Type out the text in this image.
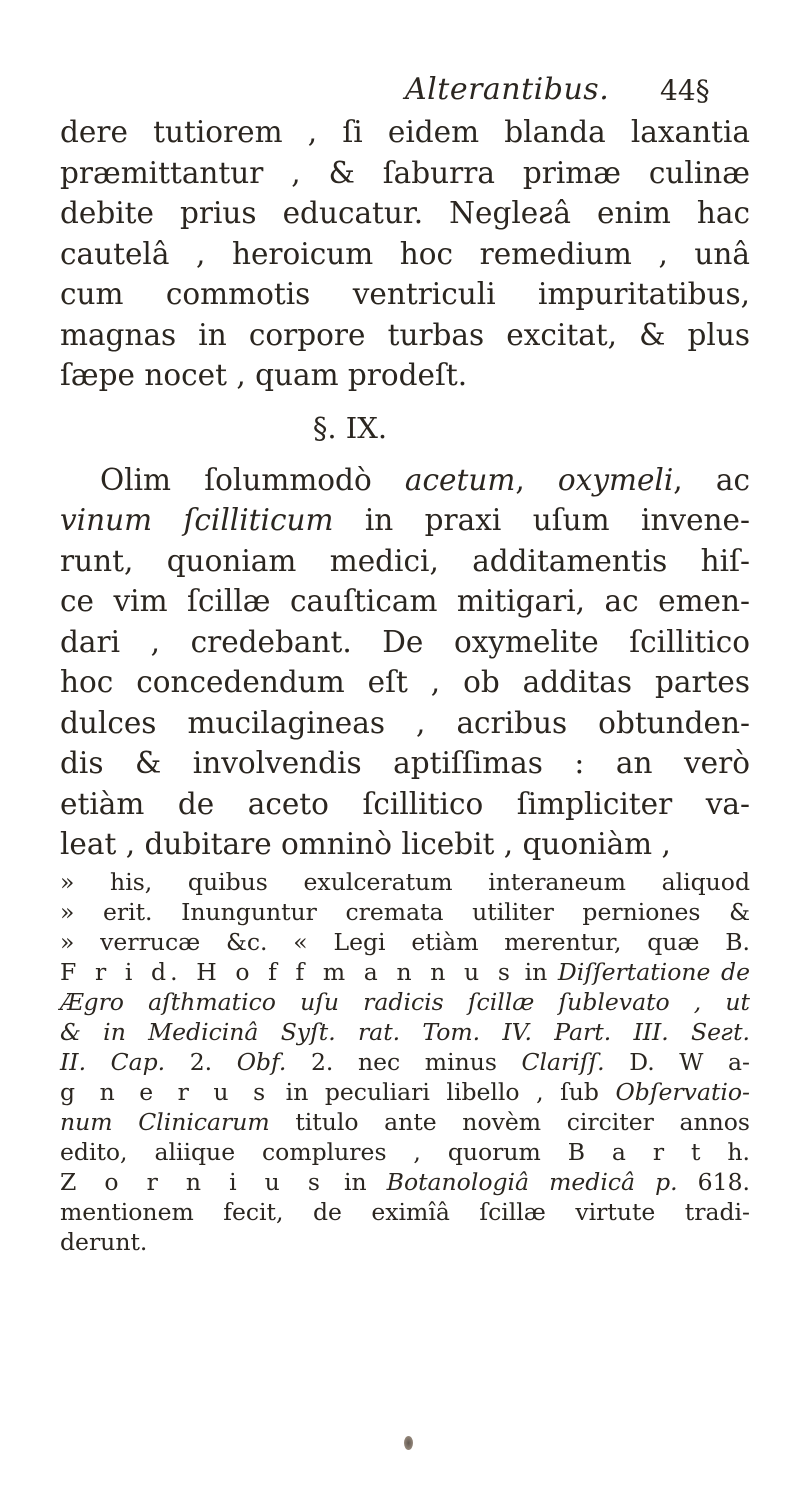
Alterantibus. 44§
dere tutiorem , ſi eidem blanda laxantia
præmittantur , & ſaburra primæ culinæ
debite prius educatur. Negleƨâ enim hac
cautelâ , heroicum hoc remedium , unâ
cum commotis ventriculi impuritatibus,
magnas in corpore turbas excitat, & plus
ſæpe nocet , quam prodeſt.
§. IX.
Olim ſolummodò acetum, oxymeli, ac
vinum ſcilliticum in praxi uſum invene-
runt, quoniam medici, additamentis hiſ-
ce vim ſcillæ cauſticam mitigari, ac emen-
dari , credebant. De oxymelite ſcillitico
hoc concedendum eſt , ob additas partes
dulces mucilagineas , acribus obtunden-
dis & involvendis aptiſſimas : an verò
etiàm de aceto ſcillitico ſimpliciter va-
leat , dubitare omninò licebit , quoniàm ,
» his, quibus exulceratum interaneum aliquod
» erit. Inunguntur cremata utiliter perniones &
» verrucæ &c. « Legi etiàm merentur, quæ B.
F r i d. H o f f m a n n u s in Diſſertatione de
Ægro aſthmatico uſu radicis ſcillæ ſublevato , ut
& in Medicinâ Syſt. rat. Tom. IV. Part. III. Seƨt.
II. Cap. 2. Obf. 2. nec minus Clariſſ. D. W a-
g n e r u s in peculiari libello , ſub Obſervatio-
num Clinicarum titulo ante novèm circiter annos
edito, aliique complures , quorum B a r t h.
Z o r n i u s in Botanologiâ medicâ p. 618.
mentionem fecit, de eximîâ ſcillæ virtute tradi-
derunt.
